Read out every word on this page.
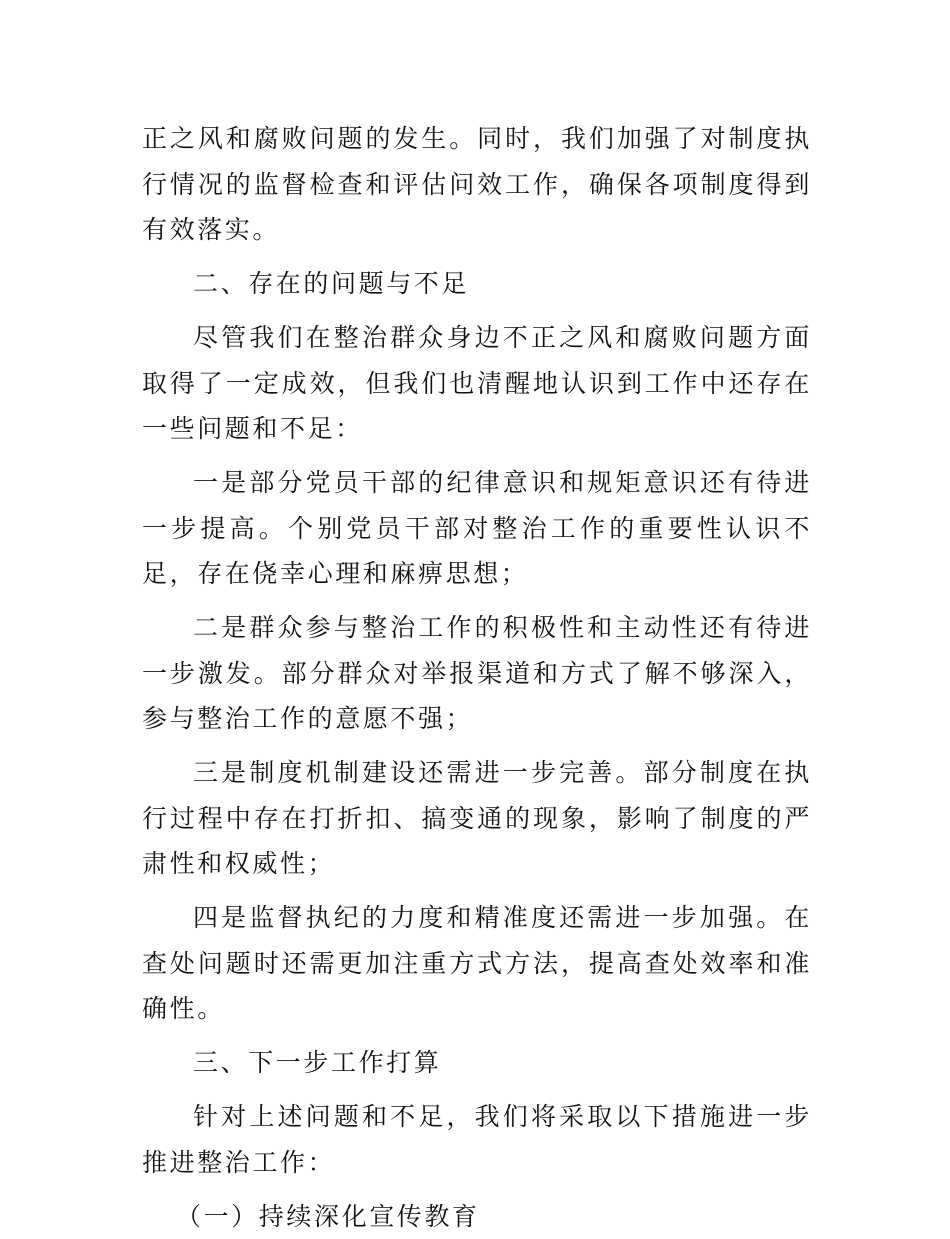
正之风和腐败问题的发生。同时，我们加强了对制度执行情况的监督检查和评估问效工作，确保各项制度得到有效落实。

二、存在的问题与不足

尽管我们在整治群众身边不正之风和腐败问题方面取得了一定成效，但我们也清醒地认识到工作中还存在一些问题和不足：

一是部分党员干部的纪律意识和规矩意识还有待进一步提高。个别党员干部对整治工作的重要性认识不足，存在侥幸心理和麻痹思想；

二是群众参与整治工作的积极性和主动性还有待进一步激发。部分群众对举报渠道和方式了解不够深入，参与整治工作的意愿不强；

三是制度机制建设还需进一步完善。部分制度在执行过程中存在打折扣、搞变通的现象，影响了制度的严肃性和权威性；

四是监督执纪的力度和精准度还需进一步加强。在查处问题时还需更加注重方式方法，提高查处效率和准确性。

三、下一步工作打算

针对上述问题和不足，我们将采取以下措施进一步推进整治工作：

（一）持续深化宣传教育
